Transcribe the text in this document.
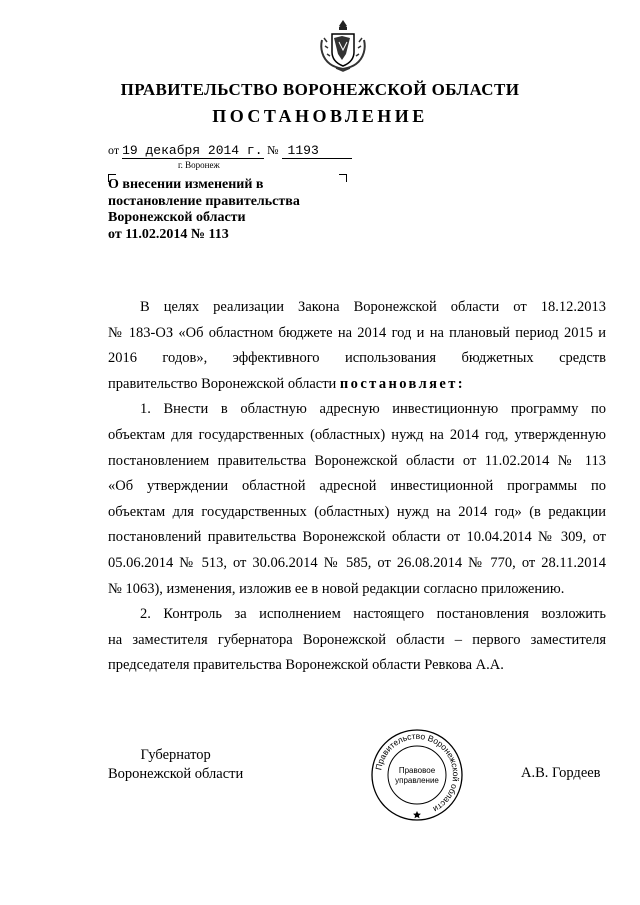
ПРАВИТЕЛЬСТВО ВОРОНЕЖСКОЙ ОБЛАСТИ
ПОСТАНОВЛЕНИЕ
от 19 декабря 2014 г. № 1193
г. Воронеж
О внесении изменений в
постановление правительства
Воронежской области
от 11.02.2014 № 113
В целях реализации Закона Воронежской области от 18.12.2013
№ 183-ОЗ «Об областном бюджете на 2014 год и на плановый период 2015 и
2016 годов», эффективного использования бюджетных средств
правительство Воронежской области постановляет:
1. Внести в областную адресную инвестиционную программу по
объектам для государственных (областных) нужд на 2014 год, утвержденную
постановлением правительства Воронежской области от 11.02.2014 № 113
«Об утверждении областной адресной инвестиционной программы по
объектам для государственных (областных) нужд на 2014 год» (в редакции
постановлений правительства Воронежской области от 10.04.2014 № 309, от
05.06.2014 № 513, от 30.06.2014 № 585, от 26.08.2014 № 770, от 28.11.2014
№ 1063), изменения, изложив ее в новой редакции согласно приложению.
2. Контроль за исполнением настоящего постановления возложить
на заместителя губернатора Воронежской области – первого заместителя
председателя правительства Воронежской области Ревкова А.А.
Губернатор
Воронежской области	А.В. Гордеев
Правительство Воронежской области
Правовое
управление
